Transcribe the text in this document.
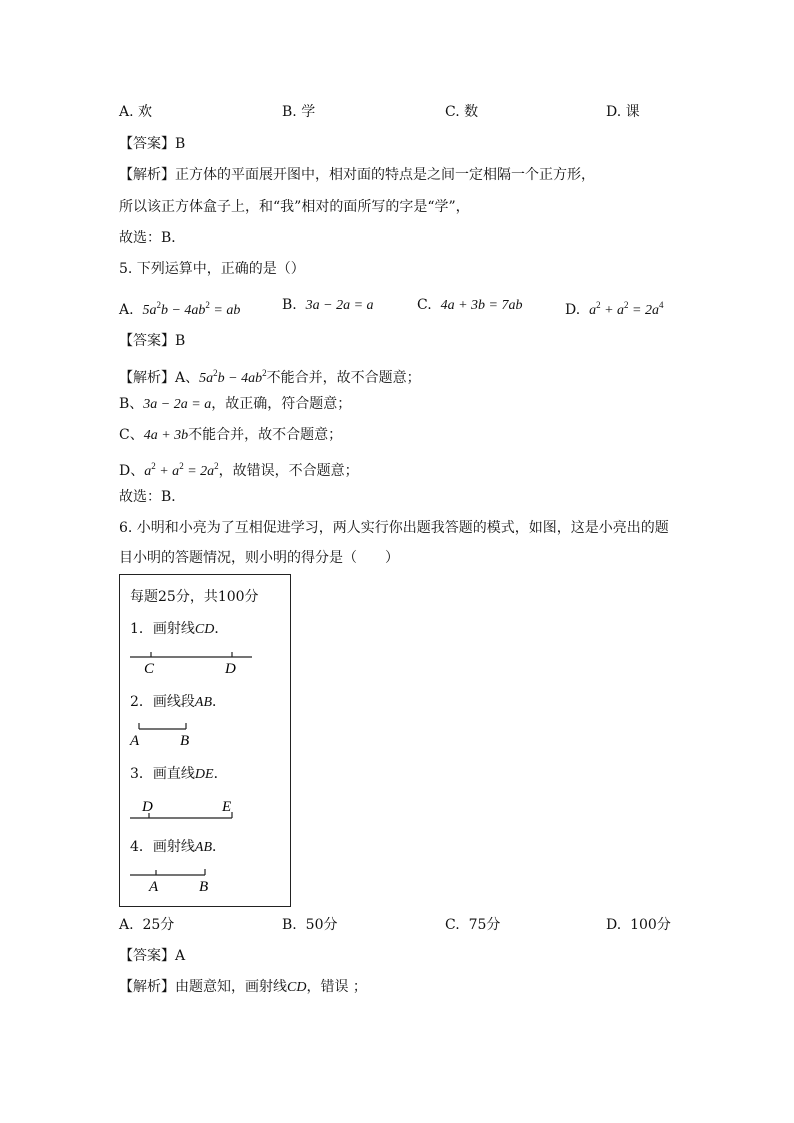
A. 欢	B. 学	C. 数	D. 课
【答案】B
【解析】正方体的平面展开图中，相对面的特点是之间一定相隔一个正方形，
所以该正方体盒子上，和“我”相对的面所写的字是“学”，
故选：B．
5. 下列运算中，正确的是（）
A. $5a^2b - 4ab^2$ = ab	B. 3a − 2a = a	C. 4a + 3b = 7ab	D. $a^2 + a^2 = 2a^4$
【答案】B
【解析】A、$5a^2b - 4ab^2$不能合并，故不合题意；
B、3a − 2a = a，故正确，符合题意；
C、4a + 3b不能合并，故不合题意；
D、$a^2 + a^2 = 2a^2$，故错误，不合题意；
故选：B．
6. 小明和小亮为了互相促进学习，两人实行你出题我答题的模式，如图，这是小亮出的题
目小明的答题情况，则小明的得分是（　　）
每题25分，共100分
1．画射线CD．
2．画线段AB．
3．画直线DE．
4．画射线AB．
C	D
A	B
D	E
A	B
A. 25分	B. 50分	C. 75分	D. 100分
【答案】A
【解析】由题意知，画射线CD，错误 ；
